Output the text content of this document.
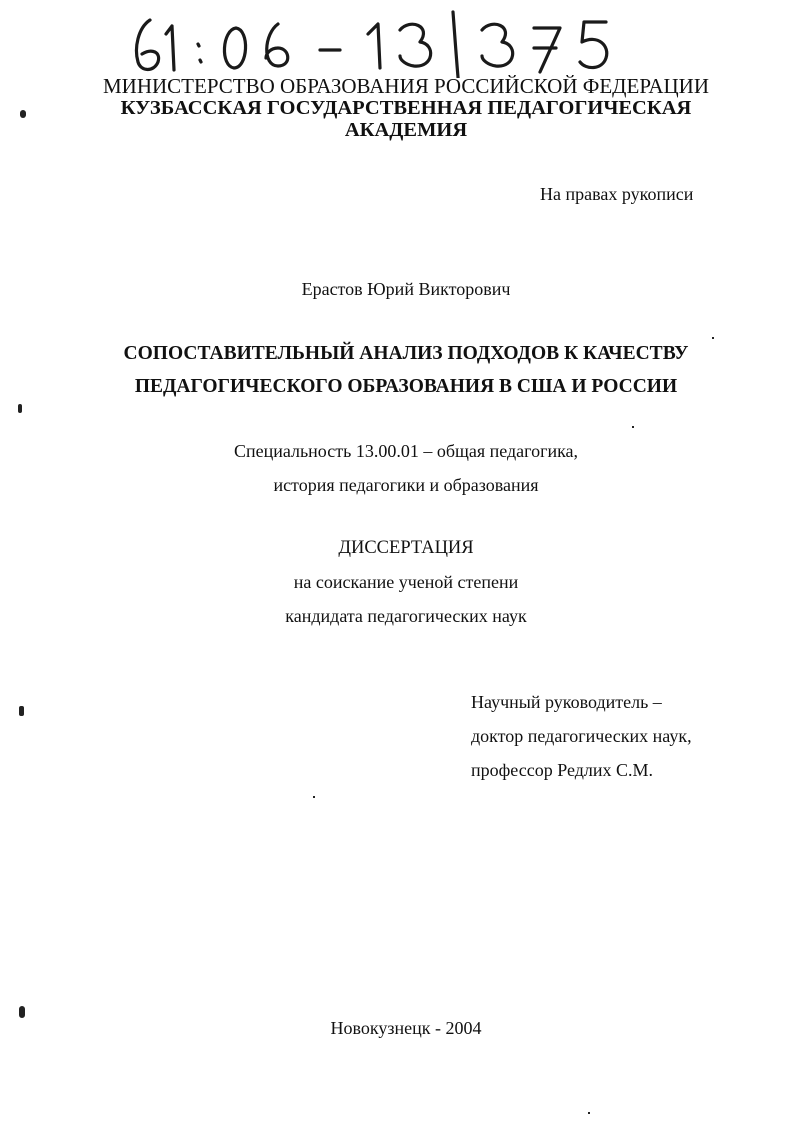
МИНИСТЕРСТВО ОБРАЗОВАНИЯ РОССИЙСКОЙ ФЕДЕРАЦИИ
КУЗБАССКАЯ ГОСУДАРСТВЕННАЯ ПЕДАГОГИЧЕСКАЯ
АКАДЕМИЯ
На правах рукописи
Ерастов Юрий Викторович
СОПОСТАВИТЕЛЬНЫЙ АНАЛИЗ ПОДХОДОВ К КАЧЕСТВУ
ПЕДАГОГИЧЕСКОГО ОБРАЗОВАНИЯ В США И РОССИИ
Специальность 13.00.01 – общая педагогика,
история педагогики и образования
ДИССЕРТАЦИЯ
на соискание ученой степени
кандидата педагогических наук
Научный руководитель –
доктор педагогических наук,
профессор Редлих С.М.
Новокузнецк - 2004
